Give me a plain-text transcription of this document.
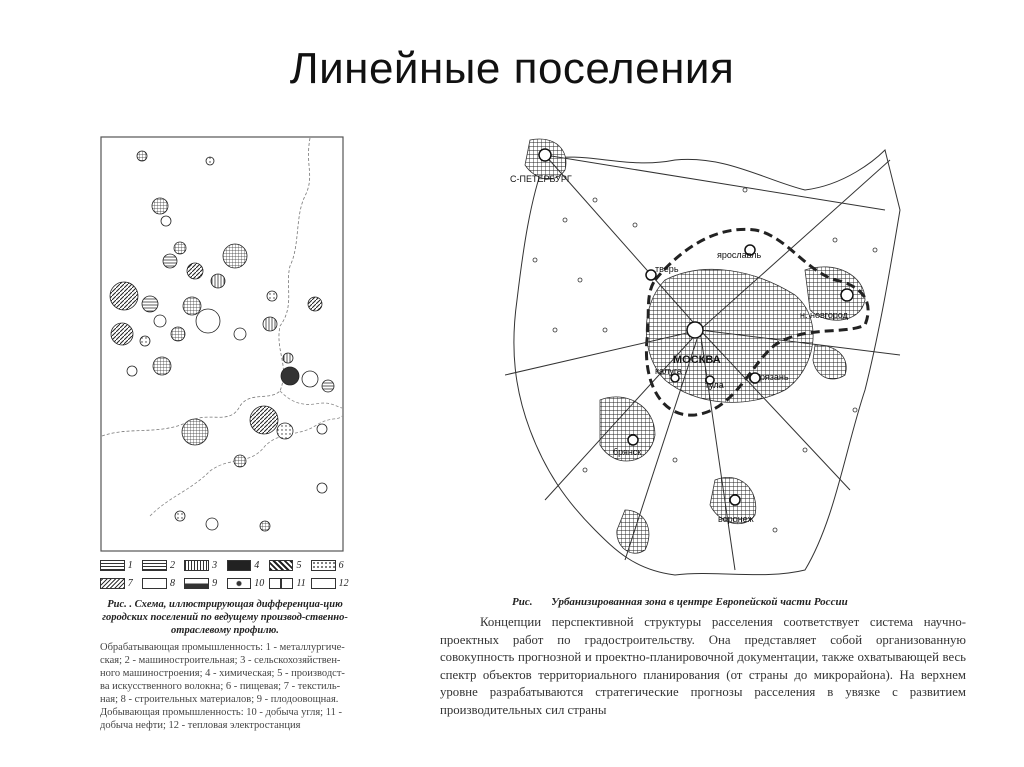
Линейные поселения
С-ПЕТЕРБУРГ
тверь
ярославль
н. новгород
МОСКВА
калуга
тула
рязань
брянск
воронеж
1	2	3	4	5	6
7	8	9	10	11	12
Рис. . Схема, иллюстрирующая дифференциа-цию городских поселений по ведущему производ-ственно-отраслевому профилю.
Обрабатывающая промышленность: 1 - металлургиче-ская; 2 - машиностроительная; 3 - сельскохозяйствен-ного машиностроения; 4 - химическая; 5 - производст-ва искусственного волокна; 6 - пищевая; 7 - текстиль-ная; 8 - строительных материалов; 9 - плодоовощная. Добывающая промышленность: 10 - добыча угля; 11 - добыча нефти; 12 - тепловая электростанция
Рис. Урбанизированная зона в центре Европейской части России
Концепции перспективной структуры расселения соответствует система научно-проектных работ по градостроительству. Она представляет собой организованную совокупность прогнозной и проектно-планировочной документации, также охватывающей весь спектр объектов территориального планирования (от страны до микрорайона). На верхнем уровне разрабатываются стратегические прогнозы расселения в увязке с развитием производительных сил страны
